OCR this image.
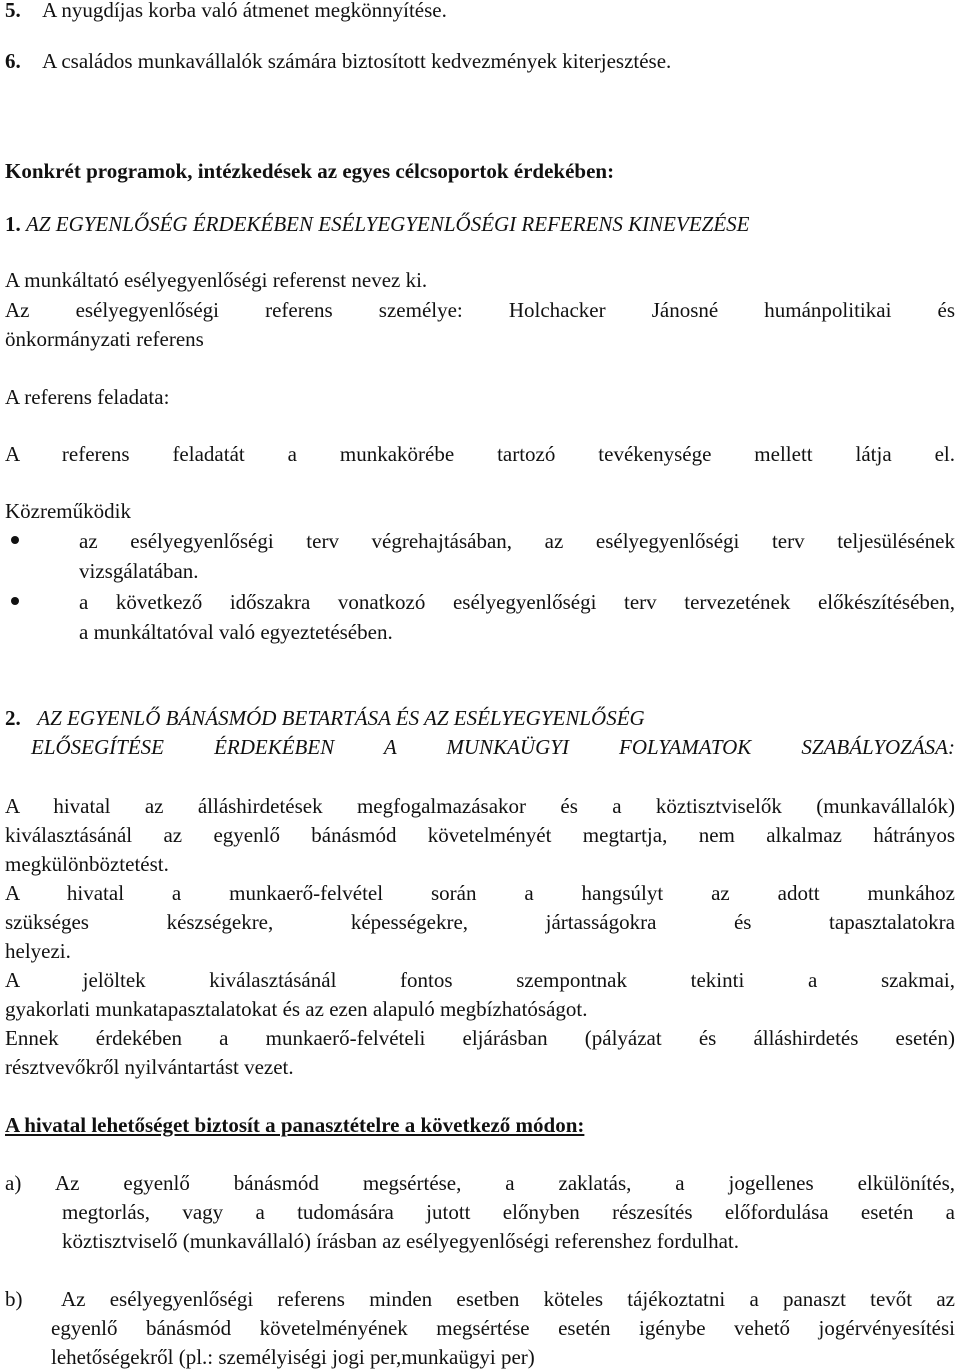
5. A nyugdíjas korba való átmenet megkönnyítése.
6. A családos munkavállalók számára biztosított kedvezmények kiterjesztése.
Konkrét programok, intézkedések az egyes célcsoportok érdekében:
1. AZ EGYENLŐSÉG ÉRDEKÉBEN ESÉLYEGYENLŐSÉGI REFERENS KINEVEZÉSE
A munkáltató esélyegyenlőségi referenst nevez ki.
Az esélyegyenlőségi referens személye: Holchacker Jánosné humánpolitikai és
önkormányzati referens
A referens feladata:
A referens feladatát a munkakörébe tartozó tevékenysége mellett látja el.
Közreműködik
az esélyegyenlőségi terv végrehajtásában, az esélyegyenlőségi terv teljesülésének
vizsgálatában.
a következő időszakra vonatkozó esélyegyenlőségi terv tervezetének előkészítésében,
a munkáltatóval való egyeztetésében.
2. AZ EGYENLŐ BÁNÁSMÓD BETARTÁSA ÉS AZ ESÉLYEGYENLŐSÉG
ELŐSEGÍTÉSE ÉRDEKÉBEN A MUNKAÜGYI FOLYAMATOK SZABÁLYOZÁSA:
A hivatal az álláshirdetések megfogalmazásakor és a köztisztviselők (munkavállalók)
kiválasztásánál az egyenlő bánásmód követelményét megtartja, nem alkalmaz hátrányos
megkülönböztetést.
A hivatal a munkaerő-felvétel során a hangsúlyt az adott munkához
szükséges készségekre, képességekre, jártasságokra és tapasztalatokra
helyezi.
A jelöltek kiválasztásánál fontos szempontnak tekinti a szakmai,
gyakorlati munkatapasztalatokat és az ezen alapuló megbízhatóságot.
Ennek érdekében a munkaerő-felvételi eljárásban (pályázat és álláshirdetés esetén)
résztvevőkről nyilvántartást vezet.
A hivatal lehetőséget biztosít a panasztételre a következő módon:
a) Az egyenlő bánásmód megsértése, a zaklatás, a jogellenes elkülönítés,
megtorlás, vagy a tudomására jutott előnyben részesítés előfordulása esetén a
köztisztviselő (munkavállaló) írásban az esélyegyenlőségi referenshez fordulhat.
b) Az esélyegyenlőségi referens minden esetben köteles tájékoztatni a panaszt tevőt az
egyenlő bánásmód követelményének megsértése esetén igénybe vehető jogérvényesítési
lehetőségekről (pl.: személyiségi jogi per,munkaügyi per)
